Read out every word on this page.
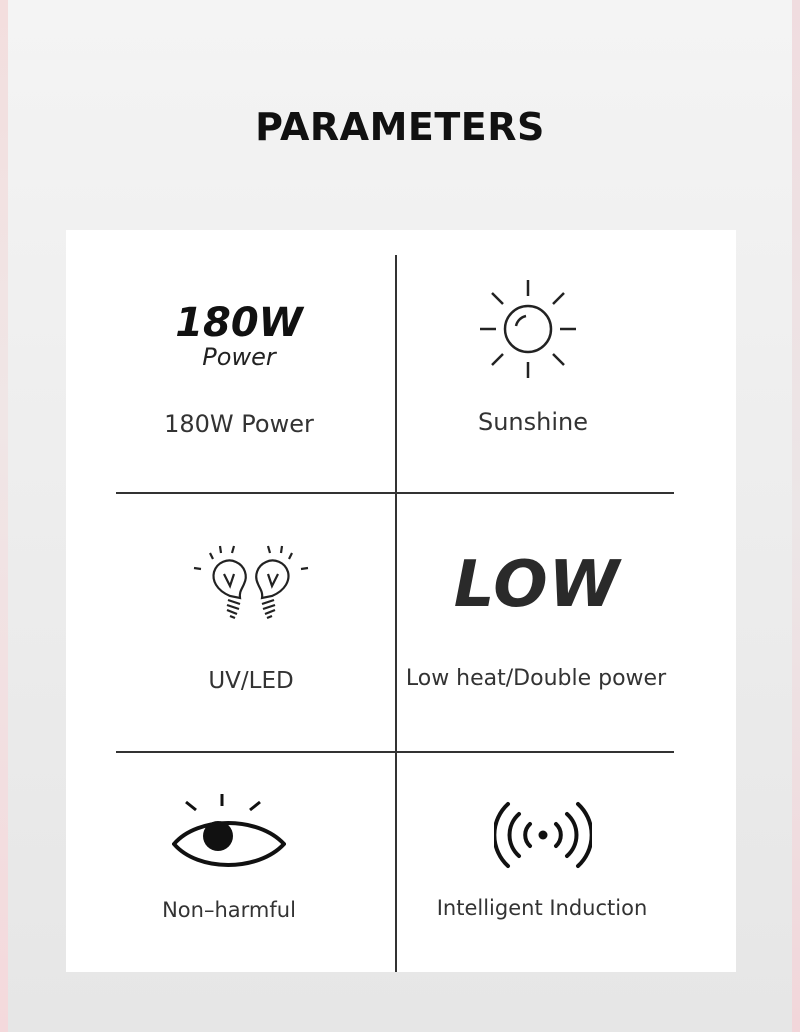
PARAMETERS
180W
Power
180W Power	Sunshine
UV/LED
LOW
Low heat/Double power
Non–harmful	Intelligent Induction
